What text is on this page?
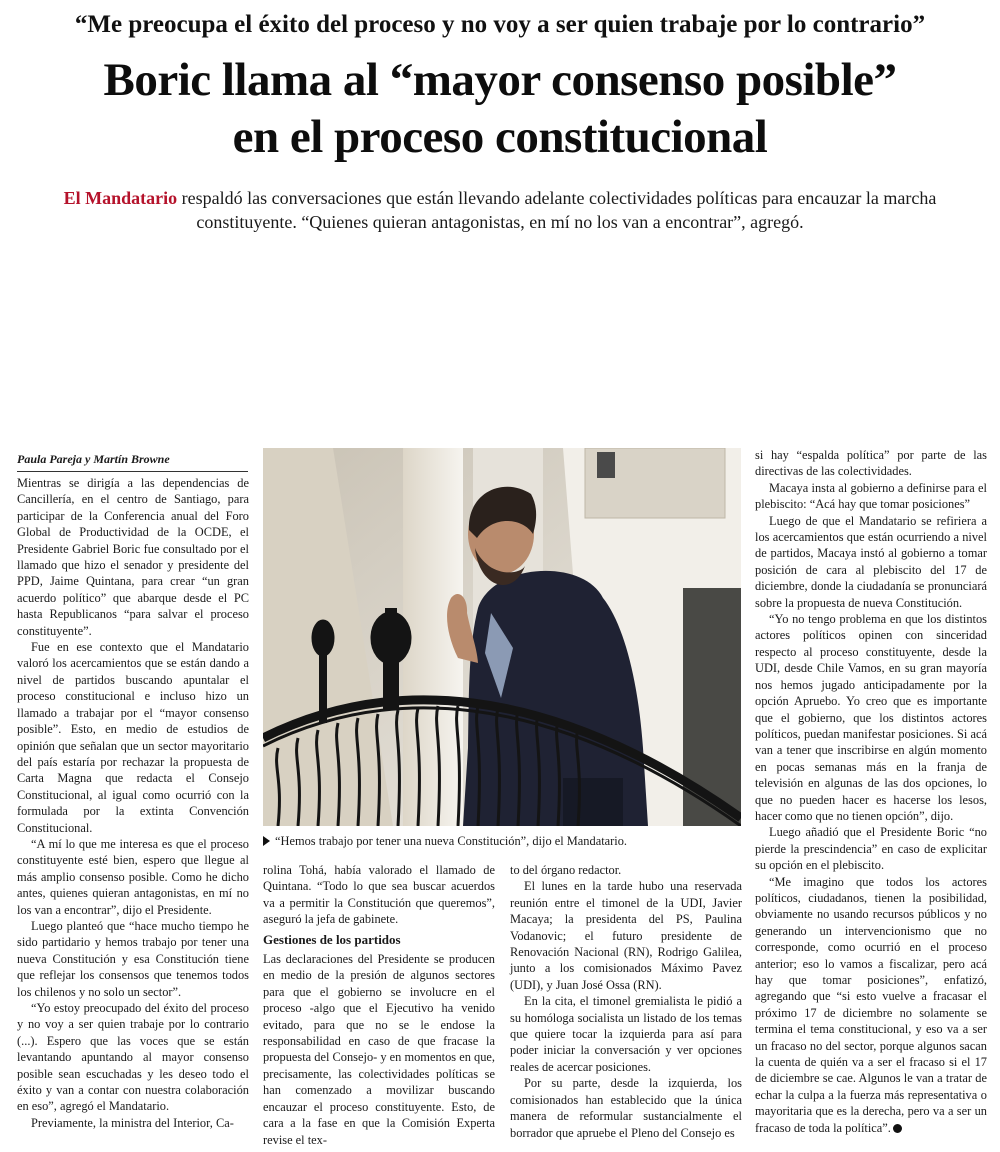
“Me preocupa el éxito del proceso y no voy a ser quien trabaje por lo contrario”
Boric llama al “mayor consenso posible”
en el proceso constitucional
El Mandatario respaldó las conversaciones que están llevando adelante colectividades políticas para encauzar la marcha constituyente. “Quienes quieran antagonistas, en mí no los van a encontrar”, agregó.
Paula Pareja y Martín Browne

Mientras se dirigía a las dependencias de Cancillería, en el centro de Santiago, para participar de la Conferencia anual del Foro Global de Productividad de la OCDE, el Presidente Gabriel Boric fue consultado por el llamado que hizo el senador y presidente del PPD, Jaime Quintana, para crear “un gran acuerdo político” que abarque desde el PC hasta Republicanos “para salvar el proceso constituyente”.

Fue en ese contexto que el Mandatario valoró los acercamientos que se están dando a nivel de partidos buscando apuntalar el proceso constitucional e incluso hizo un llamado a trabajar por el “mayor consenso posible”. Esto, en medio de estudios de opinión que señalan que un sector mayoritario del país estaría por rechazar la propuesta de Carta Magna que redacta el Consejo Constitucional, al igual como ocurrió con la formulada por la extinta Convención Constitucional.

“A mí lo que me interesa es que el proceso constituyente esté bien, espero que llegue al más amplio consenso posible. Como he dicho antes, quienes quieran antagonistas, en mí no los van a encontrar”, dijo el Presidente.

Luego planteó que “hace mucho tiempo he sido partidario y hemos trabajo por tener una nueva Constitución y esa Constitución tiene que reflejar los consensos que tenemos todos los chilenos y no solo un sector”.

“Yo estoy preocupado del éxito del proceso y no voy a ser quien trabaje por lo contrario (...). Espero que las voces que se están levantando apuntando al mayor consenso posible sean escuchadas y les deseo todo el éxito y van a contar con nuestra colaboración en eso”, agregó el Mandatario.

Previamente, la ministra del Interior, Ca-

“Hemos trabajo por tener una nueva Constitución”, dijo el Mandatario.

rolina Tohá, había valorado el llamado de Quintana. “Todo lo que sea buscar acuerdos va a permitir la Constitución que queremos”, aseguró la jefa de gabinete.

Gestiones de los partidos

Las declaraciones del Presidente se producen en medio de la presión de algunos sectores para que el gobierno se involucre en el proceso -algo que el Ejecutivo ha venido evitado, para que no se le endose la responsabilidad en caso de que fracase la propuesta del Consejo- y en momentos en que, precisamente, las colectividades políticas se han comenzado a movilizar buscando encauzar el proceso constituyente. Esto, de cara a la fase en que la Comisión Experta revise el tex-

to del órgano redactor.

El lunes en la tarde hubo una reservada reunión entre el timonel de la UDI, Javier Macaya; la presidenta del PS, Paulina Vodanovic; el futuro presidente de Renovación Nacional (RN), Rodrigo Galilea, junto a los comisionados Máximo Pavez (UDI), y Juan José Ossa (RN).

En la cita, el timonel gremialista le pidió a su homóloga socialista un listado de los temas que quiere tocar la izquierda para así para poder iniciar la conversación y ver opciones reales de acercar posiciones.

Por su parte, desde la izquierda, los comisionados han establecido que la única manera de reformular sustancialmente el borrador que apruebe el Pleno del Consejo es

si hay “espalda política” por parte de las directivas de las colectividades.

Macaya insta al gobierno a definirse para el plebiscito: “Acá hay que tomar posiciones”

Luego de que el Mandatario se refiriera a los acercamientos que están ocurriendo a nivel de partidos, Macaya instó al gobierno a tomar posición de cara al plebiscito del 17 de diciembre, donde la ciudadanía se pronunciará sobre la propuesta de nueva Constitución.

“Yo no tengo problema en que los distintos actores políticos opinen con sinceridad respecto al proceso constituyente, desde la UDI, desde Chile Vamos, en su gran mayoría nos hemos jugado anticipadamente por la opción Apruebo. Yo creo que es importante que el gobierno, que los distintos actores políticos, puedan manifestar posiciones. Si acá van a tener que inscribirse en algún momento en pocas semanas más en la franja de televisión en algunas de las dos opciones, lo que no pueden hacer es hacerse los lesos, hacer como que no tienen opción”, dijo.

Luego añadió que el Presidente Boric “no pierde la prescindencia” en caso de explicitar su opción en el plebiscito.

“Me imagino que todos los actores políticos, ciudadanos, tienen la posibilidad, obviamente no usando recursos públicos y no generando un intervencionismo que no corresponde, como ocurrió en el proceso anterior; eso lo vamos a fiscalizar, pero acá hay que tomar posiciones”, enfatizó, agregando que “si esto vuelve a fracasar el próximo 17 de diciembre no solamente se termina el tema constitucional, y eso va a ser un fracaso no del sector, porque algunos sacan la cuenta de quién va a ser el fracaso si el 17 de diciembre se cae. Algunos le van a tratar de echar la culpa a la fuerza más representativa o mayoritaria que es la derecha, pero va a ser un fracaso de toda la política”.
